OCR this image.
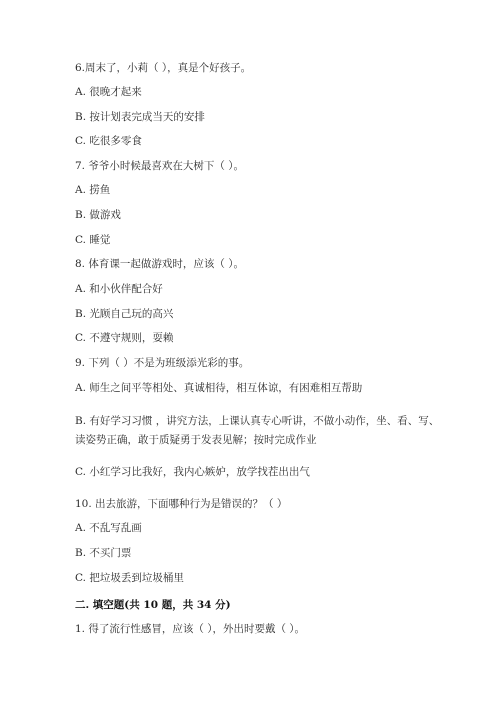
6.周末了，小莉（ ），真是个好孩子。
A. 很晚才起来
B. 按计划表完成当天的安排
C. 吃很多零食
7. 爷爷小时候最喜欢在大树下（ ）。
A. 捞鱼
B. 做游戏
C. 睡觉
8. 体育课一起做游戏时，应该（ ）。
A. 和小伙伴配合好
B. 光顾自己玩的高兴
C. 不遵守规则，耍赖
9. 下列（ ）不是为班级添光彩的事。
A. 师生之间平等相处、真诚相待，相互体谅，有困难相互帮助
B. 有好学习习惯 ，讲究方法，上课认真专心听讲，不做小动作，坐、看、写、
读姿势正确，敢于质疑勇于发表见解；按时完成作业
C. 小红学习比我好，我内心嫉妒，放学找茬出出气
10. 出去旅游，下面哪种行为是错误的？（ ）
A. 不乱写乱画
B. 不买门票
C. 把垃圾丢到垃圾桶里
二. 填空题(共 10 题，共 34 分)
1. 得了流行性感冒，应该（ ），外出时要戴（ ）。
